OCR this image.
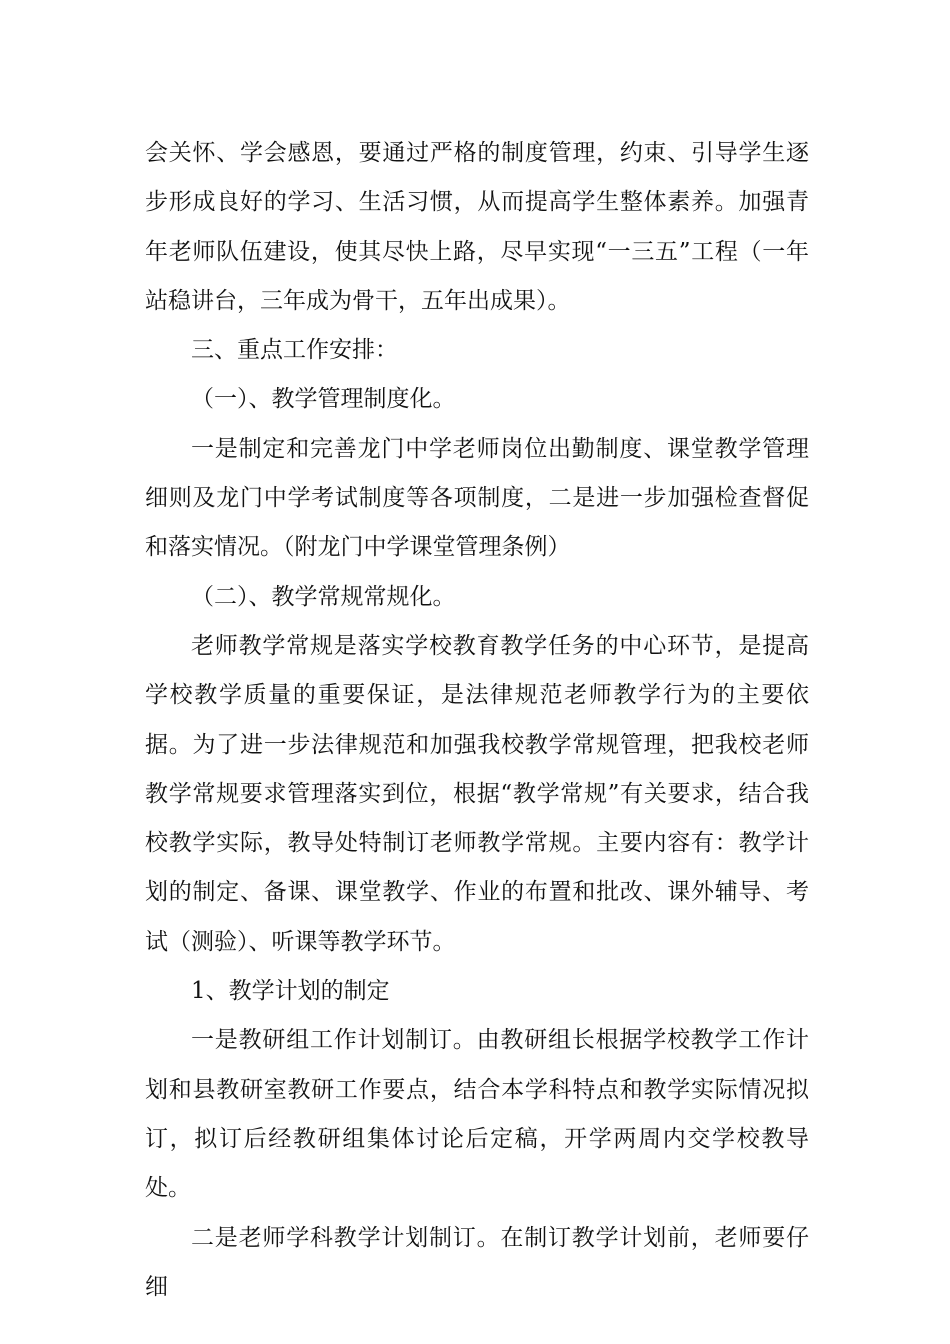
会关怀、学会感恩，要通过严格的制度管理，约束、引导学生逐步形成良好的学习、生活习惯，从而提高学生整体素养。加强青年老师队伍建设，使其尽快上路，尽早实现“一三五”工程（一年站稳讲台，三年成为骨干，五年出成果）。

三、重点工作安排：

（一）、教学管理制度化。

一是制定和完善龙门中学老师岗位出勤制度、课堂教学管理细则及龙门中学考试制度等各项制度，二是进一步加强检查督促和落实情况。（附龙门中学课堂管理条例）

（二）、教学常规常规化。

老师教学常规是落实学校教育教学任务的中心环节，是提高学校教学质量的重要保证，是法律规范老师教学行为的主要依据。为了进一步法律规范和加强我校教学常规管理，把我校老师教学常规要求管理落实到位，根据“教学常规”有关要求，结合我校教学实际，教导处特制订老师教学常规。主要内容有：教学计划的制定、备课、课堂教学、作业的布置和批改、课外辅导、考试（测验）、听课等教学环节。

1、教学计划的制定

一是教研组工作计划制订。由教研组长根据学校教学工作计划和县教研室教研工作要点，结合本学科特点和教学实际情况拟订，拟订后经教研组集体讨论后定稿，开学两周内交学校教导处。

二是老师学科教学计划制订。在制订教学计划前，老师要仔细
